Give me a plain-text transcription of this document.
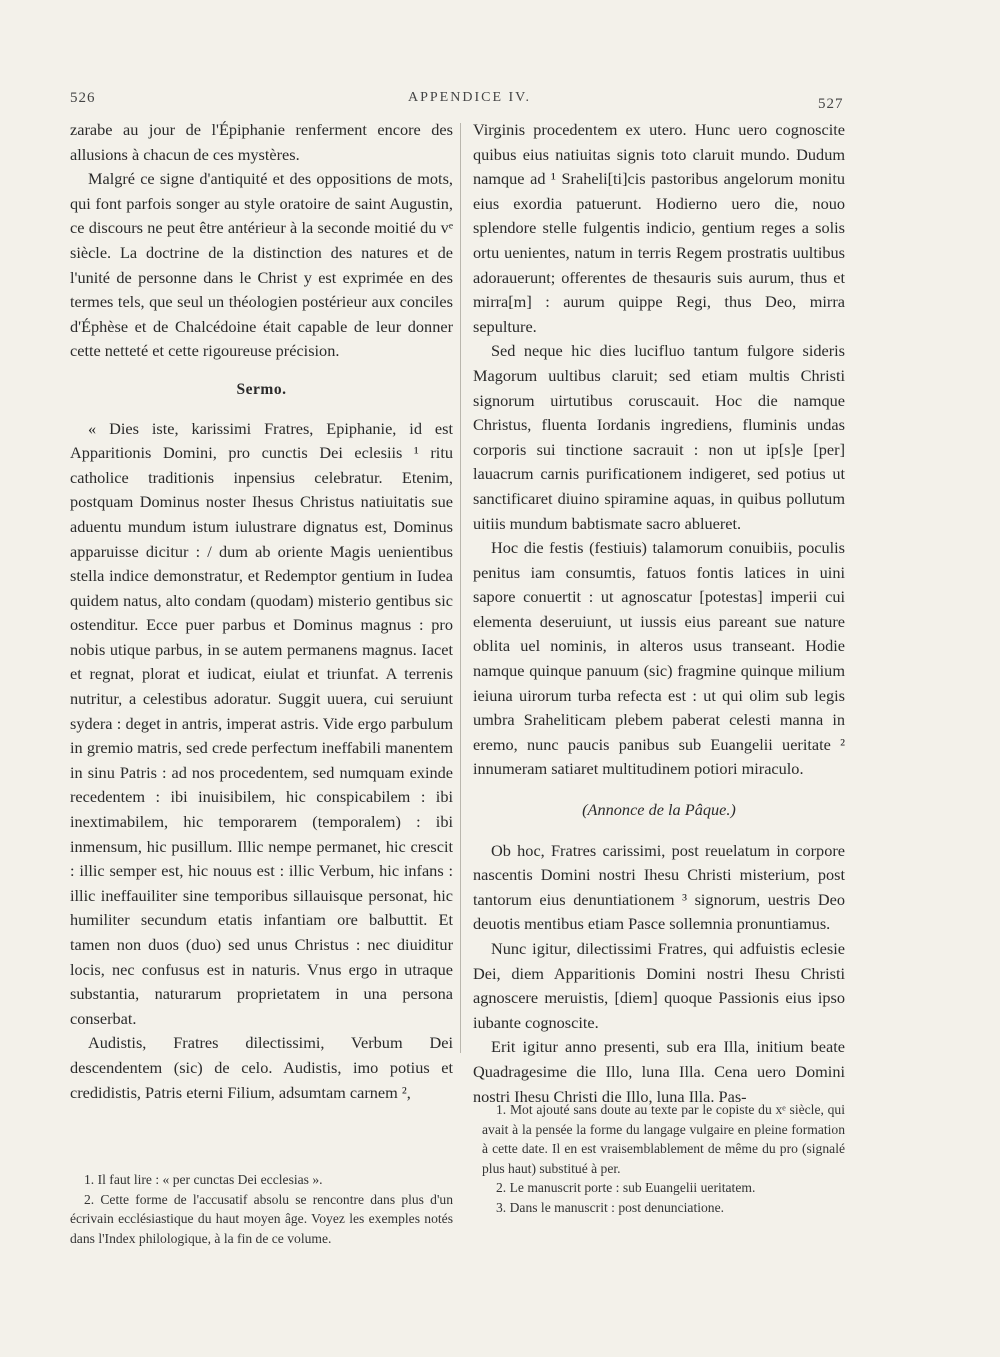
526	APPENDICE IV.	527

zarabe au jour de l'Épiphanie renferment encore des allusions à chacun de ces mystères.

Malgré ce signe d'antiquité et des oppositions de mots, qui font parfois songer au style oratoire de saint Augustin, ce discours ne peut être antérieur à la seconde moitié du vᵉ siècle. La doctrine de la distinction des natures et de l'unité de personne dans le Christ y est exprimée en des termes tels, que seul un théologien postérieur aux conciles d'Éphèse et de Chalcédoine était capable de leur donner cette netteté et cette rigoureuse précision.

Sermo.

« Dies iste, karissimi Fratres, Epiphanie, id est Apparitionis Domini, pro cunctis Dei eclesiis ¹ ritu catholice traditionis inpensius celebratur. Etenim, postquam Dominus noster Ihesus Christus natiuitatis sue aduentu mundum istum iulustrare dignatus est, Dominus apparuisse dicitur : / dum ab oriente Magis uenientibus stella indice demonstratur, et Redemptor gentium in Iudea quidem natus, alto condam (quodam) misterio gentibus sic ostenditur. Ecce puer parbus et Dominus magnus : pro nobis utique parbus, in se autem permanens magnus. Iacet et regnat, plorat et iudicat, eiulat et triunfat. A terrenis nutritur, a celestibus adoratur. Suggit uuera, cui seruiunt sydera : deget in antris, imperat astris. Vide ergo parbulum in gremio matris, sed crede perfectum ineffabili manentem in sinu Patris : ad nos procedentem, sed numquam exinde recedentem : ibi inuisibilem, hic conspicabilem : ibi inextimabilem, hic temporarem (temporalem) : ibi inmensum, hic pusillum. Illic nempe permanet, hic crescit : illic semper est, hic nouus est : illic Verbum, hic infans : illic ineffauiliter sine temporibus sillauisque personat, hic humiliter secundum etatis infantiam ore balbuttit. Et tamen non duos (duo) sed unus Christus : nec diuiditur locis, nec confusus est in naturis. Vnus ergo in utraque substantia, naturarum proprietatem in una persona conserbat.

Audistis, Fratres dilectissimi, Verbum Dei descendentem (sic) de celo. Audistis, imo potius et credidistis, Patris eterni Filium, adsumtam carnem ²,

1. Il faut lire : « per cunctas Dei ecclesias ».

2. Cette forme de l'accusatif absolu se rencontre dans plus d'un écrivain ecclésiastique du haut moyen âge. Voyez les exemples notés dans l'Index philologique, à la fin de ce volume.

Virginis procedentem ex utero. Hunc uero cognoscite quibus eius natiuitas signis toto claruit mundo. Dudum namque ad ¹ Sraheli[ti]cis pastoribus angelorum monitu eius exordia patuerunt. Hodierno uero die, nouo splendore stelle fulgentis indicio, gentium reges a solis ortu uenientes, natum in terris Regem prostratis uultibus adorauerunt; offerentes de thesauris suis aurum, thus et mirra[m] : aurum quippe Regi, thus Deo, mirra sepulture.

Sed neque hic dies lucifluo tantum fulgore sideris Magorum uultibus claruit; sed etiam multis Christi signorum uirtutibus coruscauit. Hoc die namque Christus, fluenta Iordanis ingrediens, fluminis undas corporis sui tinctione sacrauit : non ut ip[s]e [per] lauacrum carnis purificationem indigeret, sed potius ut sanctificaret diuino spiramine aquas, in quibus pollutum uitiis mundum babtismate sacro ablueret.

Hoc die festis (festiuis) talamorum conuibiis, poculis penitus iam consumtis, fatuos fontis latices in uini sapore conuertit : ut agnoscatur [potestas] imperii cui elementa deseruiunt, ut iussis eius pareant sue nature oblita uel nominis, in alteros usus transeant. Hodie namque quinque panuum (sic) fragmine quinque milium ieiuna uirorum turba refecta est : ut qui olim sub legis umbra Sraheliticam plebem paberat celesti manna in eremo, nunc paucis panibus sub Euangelii ueritate ² innumeram satiaret multitudinem potiori miraculo.

(Annonce de la Pâque.)

Ob hoc, Fratres carissimi, post reuelatum in corpore nascentis Domini nostri Ihesu Christi misterium, post tantorum eius denuntiationem ³ signorum, uestris Deo deuotis mentibus etiam Pasce sollemnia pronuntiamus.

Nunc igitur, dilectissimi Fratres, qui adfuistis eclesie Dei, diem Apparitionis Domini nostri Ihesu Christi agnoscere meruistis, [diem] quoque Passionis eius ipso iubante cognoscite.

Erit igitur anno presenti, sub era Illa, initium beate Quadragesime die Illo, luna Illa. Cena uero Domini nostri Ihesu Christi die Illo, luna Illa. Pas-

1. Mot ajouté sans doute au texte par le copiste du xᵉ siècle, qui avait à la pensée la forme du langage vulgaire en pleine formation à cette date. Il en est vraisemblablement de même du pro (signalé plus haut) substitué à per.

2. Le manuscrit porte : sub Euangelii ueritatem.

3. Dans le manuscrit : post denunciatione.
